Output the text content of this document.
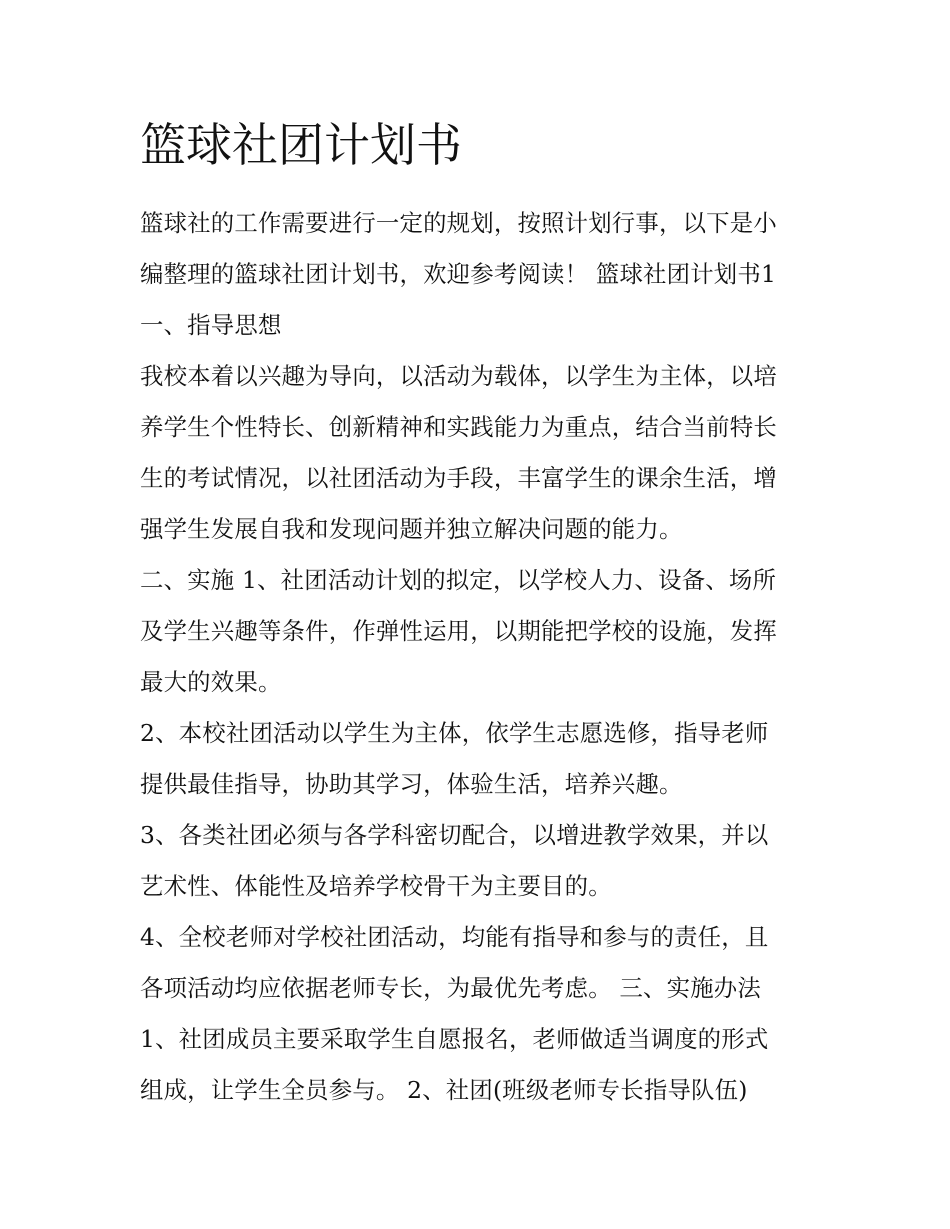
篮球社团计划书
篮球社的工作需要进行一定的规划，按照计划行事，以下是小
编整理的篮球社团计划书，欢迎参考阅读！ 篮球社团计划书1
一、指导思想
我校本着以兴趣为导向，以活动为载体，以学生为主体，以培
养学生个性特长、创新精神和实践能力为重点，结合当前特长
生的考试情况，以社团活动为手段，丰富学生的课余生活，增
强学生发展自我和发现问题并独立解决问题的能力。
二、实施 1、社团活动计划的拟定，以学校人力、设备、场所
及学生兴趣等条件，作弹性运用，以期能把学校的设施，发挥
最大的效果。
2、本校社团活动以学生为主体，依学生志愿选修，指导老师
提供最佳指导，协助其学习，体验生活，培养兴趣。
3、各类社团必须与各学科密切配合，以增进教学效果，并以
艺术性、体能性及培养学校骨干为主要目的。
4、全校老师对学校社团活动，均能有指导和参与的责任，且
各项活动均应依据老师专长，为最优先考虑。 三、实施办法
1、社团成员主要采取学生自愿报名，老师做适当调度的形式
组成，让学生全员参与。 2、社团(班级老师专长指导队伍)
